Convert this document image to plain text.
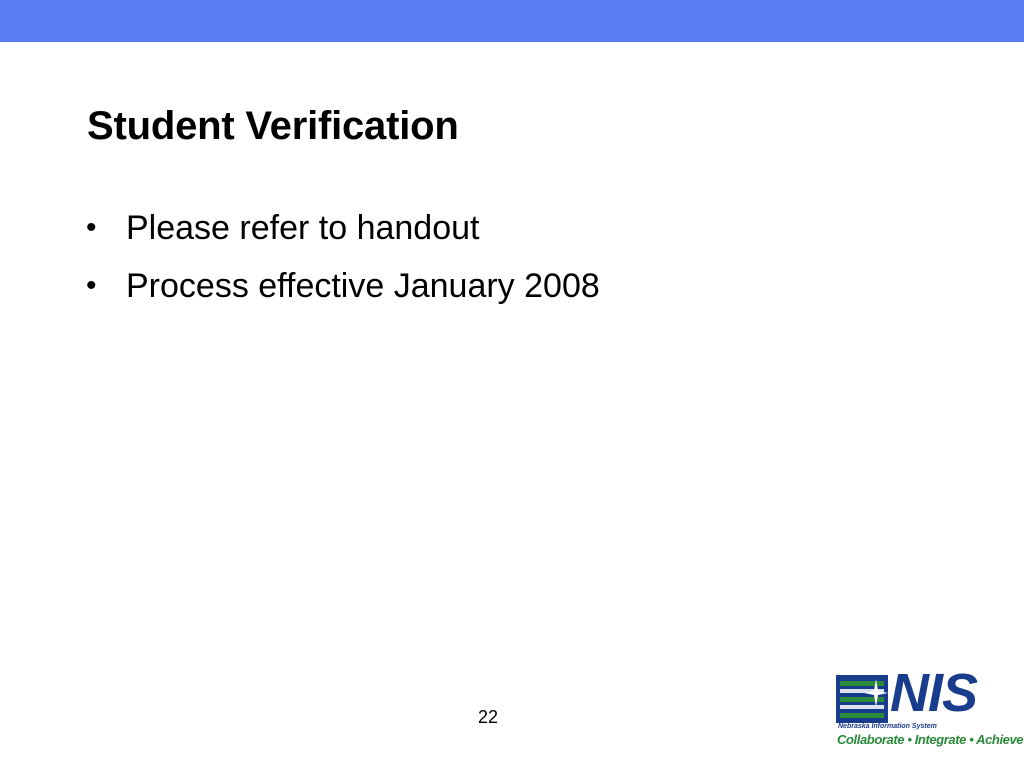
Student Verification
• Please refer to handout
• Process effective January 2008
22	NIS
Nebraska Information System
Collaborate • Integrate • Achieve
